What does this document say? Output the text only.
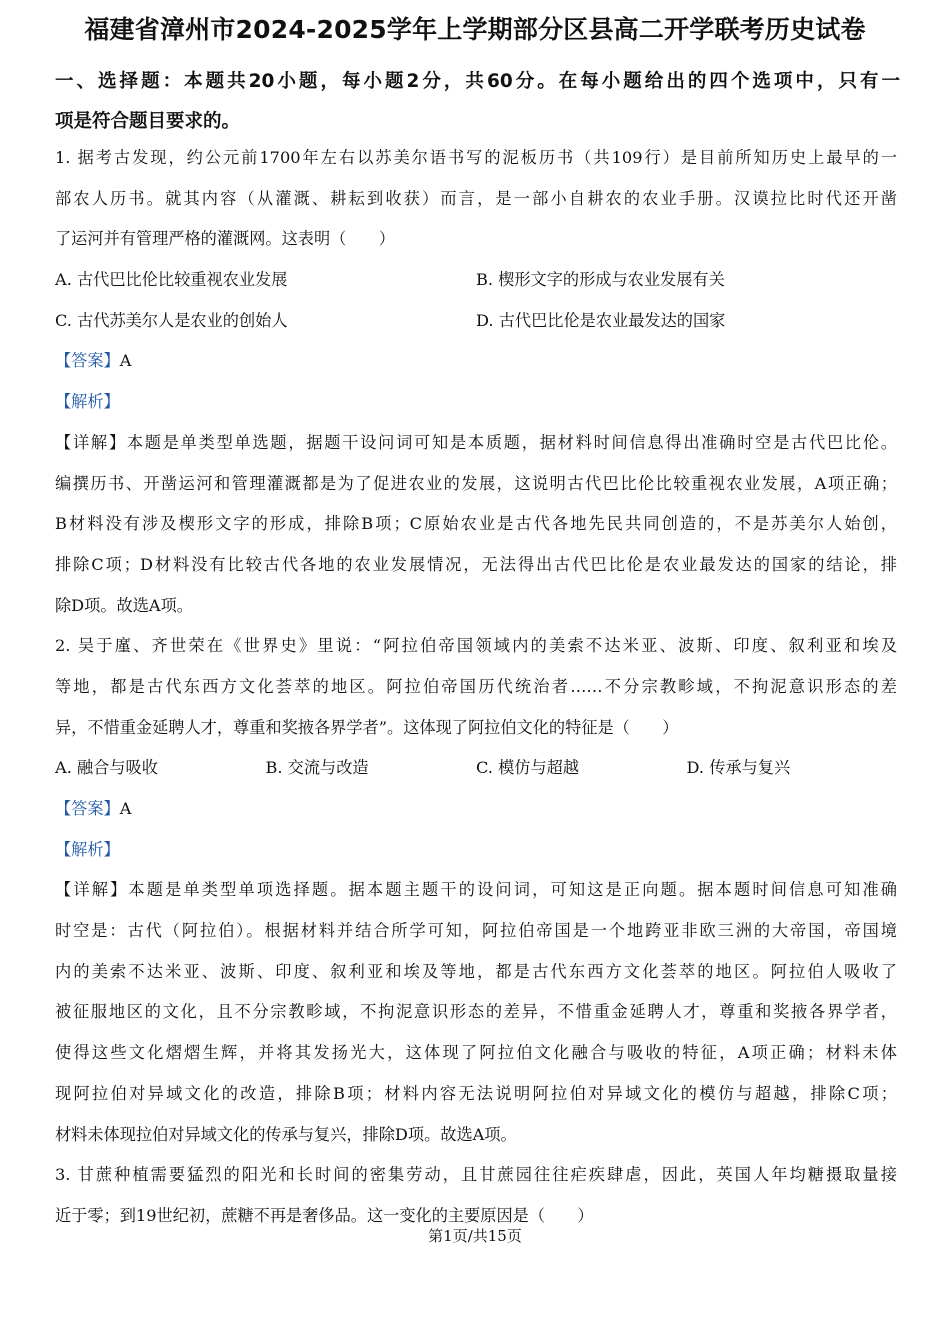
福建省漳州市2024-2025学年上学期部分区县高二开学联考历史试卷
一、选择题：本题共20小题，每小题2分，共60分。在每小题给出的四个选项中，只有一
项是符合题目要求的。
1. 据考古发现，约公元前1700年左右以苏美尔语书写的泥板历书（共109行）是目前所知历史上最早的一
部农人历书。就其内容（从灌溉、耕耘到收获）而言，是一部小自耕农的农业手册。汉谟拉比时代还开凿
了运河并有管理严格的灌溉网。这表明（　　）
A. 古代巴比伦比较重视农业发展	B. 楔形文字的形成与农业发展有关
C. 古代苏美尔人是农业的创始人	D. 古代巴比伦是农业最发达的国家
【答案】A
【解析】
【详解】本题是单类型单选题，据题干设问词可知是本质题，据材料时间信息得出准确时空是古代巴比伦。
编撰历书、开凿运河和管理灌溉都是为了促进农业的发展，这说明古代巴比伦比较重视农业发展，A项正确；
B材料没有涉及楔形文字的形成，排除B项；C原始农业是古代各地先民共同创造的，不是苏美尔人始创，
排除C项；D材料没有比较古代各地的农业发展情况，无法得出古代巴比伦是农业最发达的国家的结论，排
除D项。故选A项。
2. 吴于廑、齐世荣在《世界史》里说：“阿拉伯帝国领域内的美索不达米亚、波斯、印度、叙利亚和埃及
等地，都是古代东西方文化荟萃的地区。阿拉伯帝国历代统治者……不分宗教畛域，不拘泥意识形态的差
异，不惜重金延聘人才，尊重和奖掖各界学者”。这体现了阿拉伯文化的特征是（　　）
A. 融合与吸收	B. 交流与改造	C. 模仿与超越	D. 传承与复兴
【答案】A
【解析】
【详解】本题是单类型单项选择题。据本题主题干的设问词，可知这是正向题。据本题时间信息可知准确
时空是：古代（阿拉伯）。根据材料并结合所学可知，阿拉伯帝国是一个地跨亚非欧三洲的大帝国，帝国境
内的美索不达米亚、波斯、印度、叙利亚和埃及等地，都是古代东西方文化荟萃的地区。阿拉伯人吸收了
被征服地区的文化，且不分宗教畛域，不拘泥意识形态的差异，不惜重金延聘人才，尊重和奖掖各界学者，
使得这些文化熠熠生辉，并将其发扬光大，这体现了阿拉伯文化融合与吸收的特征，A项正确；材料未体
现阿拉伯对异域文化的改造，排除B项；材料内容无法说明阿拉伯对异域文化的模仿与超越，排除C项；
材料未体现拉伯对异域文化的传承与复兴，排除D项。故选A项。
3. 甘蔗种植需要猛烈的阳光和长时间的密集劳动，且甘蔗园往往疟疾肆虐，因此，英国人年均糖摄取量接
近于零；到19世纪初，蔗糖不再是奢侈品。这一变化的主要原因是（　　）
第1页/共15页
